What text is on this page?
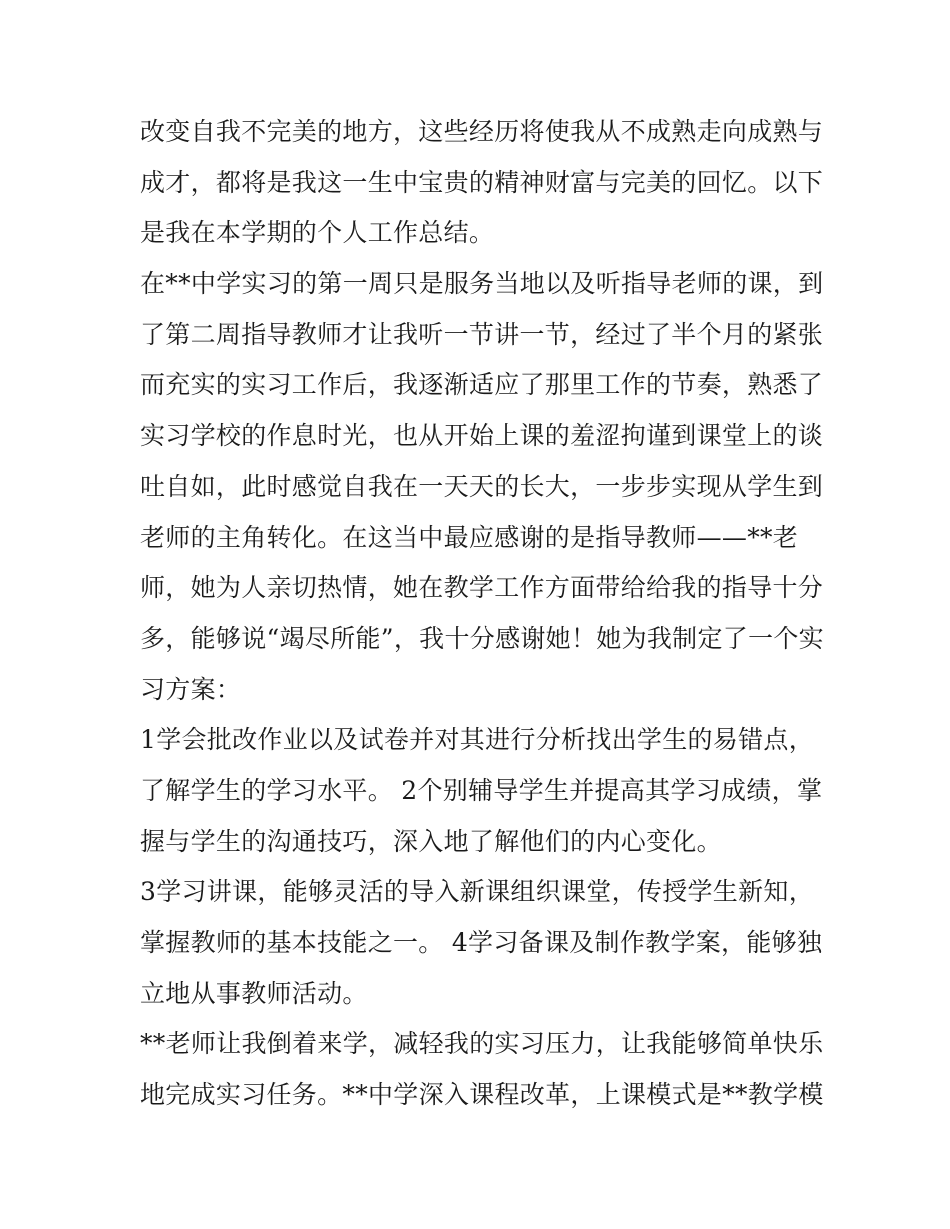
改变自我不完美的地方，这些经历将使我从不成熟走向成熟与
成才，都将是我这一生中宝贵的精神财富与完美的回忆。以下
是我在本学期的个人工作总结。
在**中学实习的第一周只是服务当地以及听指导老师的课，到
了第二周指导教师才让我听一节讲一节，经过了半个月的紧张
而充实的实习工作后，我逐渐适应了那里工作的节奏，熟悉了
实习学校的作息时光，也从开始上课的羞涩拘谨到课堂上的谈
吐自如，此时感觉自我在一天天的长大，一步步实现从学生到
老师的主角转化。在这当中最应感谢的是指导教师——**老
师，她为人亲切热情，她在教学工作方面带给给我的指导十分
多，能够说“竭尽所能”，我十分感谢她！她为我制定了一个实
习方案：
1学会批改作业以及试卷并对其进行分析找出学生的易错点，
了解学生的学习水平。 2个别辅导学生并提高其学习成绩，掌
握与学生的沟通技巧，深入地了解他们的内心变化。
3学习讲课，能够灵活的导入新课组织课堂，传授学生新知，
掌握教师的基本技能之一。 4学习备课及制作教学案，能够独
立地从事教师活动。
**老师让我倒着来学，减轻我的实习压力，让我能够简单快乐
地完成实习任务。**中学深入课程改革，上课模式是**教学模
